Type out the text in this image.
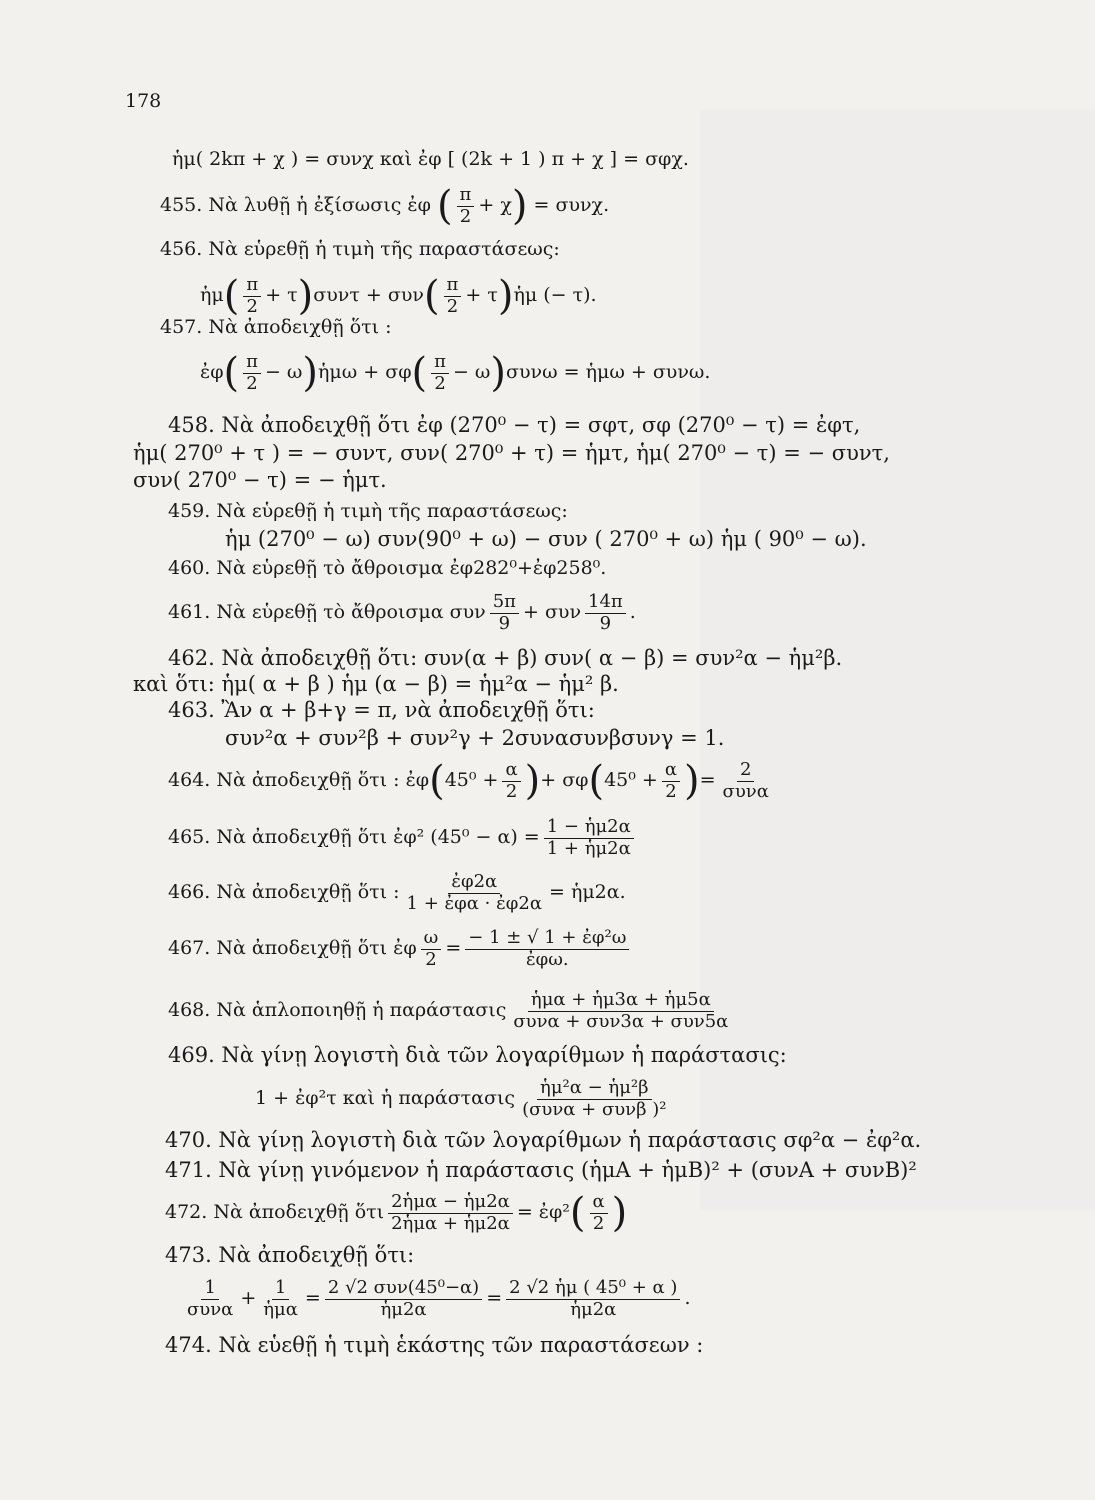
178
ἡμ( 2kπ + χ ) = συνχ καὶ ἐφ [ (2k + 1 ) π + χ ] = σφχ.
455. Νὰ λυθῇ ἡ ἐξίσωσις ἐφ ( $\frac{\pi}{2} + \chi) = \sigma\upsilon\nu\chi$.
456. Νὰ εὑρεθῇ ἡ τιμὴ τῆς παραστάσεως:
ἡμ( $\frac{\pi}{2} + \tau)\sigma\upsilon\nu\tau + \sigma\upsilon\nu( \frac{\pi}{2}$ + τ)ἡμ (− τ).
457. Νὰ ἀποδειχθῇ ὅτι :
ἐφ( $\frac{\pi}{2}$ − ω)ἡμω + $\sigma\varphi( \frac{\pi}{2} - \omega)\sigma\upsilon\nu\omega$ = ἡμω + συνω.
458. Νὰ ἀποδειχθῇ ὅτι ἐφ (270⁰ − τ) = σφτ, σφ (270⁰ − τ) = ἐφτ,
ἡμ( 270⁰ + τ ) = − συντ, συν( 270⁰ + τ) = ἡμτ, ἡμ( 270⁰ − τ) = − συντ,
συν( 270⁰ − τ) = − ἡμτ.
459. Νὰ εὑρεθῇ ἡ τιμὴ τῆς παραστάσεως:
ἡμ (270⁰ − ω) συν(90⁰ + ω) − συν ( 270⁰ + ω) ἡμ ( 90⁰ − ω).
460. Νὰ εὑρεθῇ τὸ ἄθροισμα ἐφ282⁰+ἐφ258⁰.
461. Νὰ εὑρεθῇ τὸ ἄθροισμα συν $\frac{5\pi}{9} + \sigma\upsilon\nu \frac{14\pi}{9}$ .
462. Νὰ ἀποδειχθῇ ὅτι: συν(α + β) συν( α − β) = συν²α − ἡμ²β.
καὶ ὅτι: ἡμ( α + β ) ἡμ (α − β) = ἡμ²α − ἡμ² β.
463. Ἂν α + β+γ = π, νὰ ἀποδειχθῇ ὅτι:
συν²α + συν²β + συν²γ + 2συνασυνβσυνγ = 1.
464. Νὰ ἀποδειχθῇ ὅτι : ἐφ(45⁰ + $\frac{\alpha}{2}$ )+ $\sigma\varphi(45^0 + \frac{\alpha}{2}$ )= $\frac{2}{\text{συνα}}$
465. Νὰ ἀποδειχθῇ ὅτι ἐφ² $(45^0 - \alpha) = \frac{\text{1 − ἡμ2α}}{\text{1 + ἡμ2α}}$
466. Νὰ ἀποδειχθῇ ὅτι : $\frac{\text{ἐφ2α}}{\text{1 + ἐφα · ἐφ2α}}$ = ἡμ2α.
467. Νὰ ἀποδειχθῇ ὅτι ἐφ $\frac{\omega}{2} = \frac{\text{− 1 ± √ 1 + ἐφ²ω}}{\text{ἐφω.}}$
468. Νὰ ἁπλοποιηθῇ ἡ παράστασις $\frac{\text{ἡμα + ἡμ3α + ἡμ5α}}{\text{συνα + συν3α + συν5α}}$
469. Νὰ γίνῃ λογιστὴ διὰ τῶν λογαρίθμων ἡ παράστασις:
1 + ἐφ²τ καὶ ἡ παράστασις $\frac{\text{ἡμ²α − ἡμ²β}}{\text{(συνα + συνβ )²}}$
470. Νὰ γίνῃ λογιστὴ διὰ τῶν λογαρίθμων ἡ παράστασις σφ²α − ἐφ²α.
471. Νὰ γίνῃ γινόμενον ἡ παράστασις (ἡμΑ + ἡμΒ)² + (συνΑ + συνΒ)²
472. Νὰ ἀποδειχθῇ ὅτι $\frac{\text{2ἡμα − ἡμ2α}}{\text{2ἡμα + ἡμ2α}}$ = ἐφ²( $\frac{\alpha}{2}$ )
473. Νὰ ἀποδειχθῇ ὅτι:
$\frac{1}{\text{συνα}} + \frac{1}{\text{ἡμα}} = \frac{\text{2 √2 συν(45⁰−α)}}{\text{ἡμ2α}} = \frac{\text{2 √2 ἡμ ( 45⁰ + α )}}{\text{ἡμ2α}}$ .
474. Νὰ εὑεθῇ ἡ τιμὴ ἑκάστης τῶν παραστάσεων :
